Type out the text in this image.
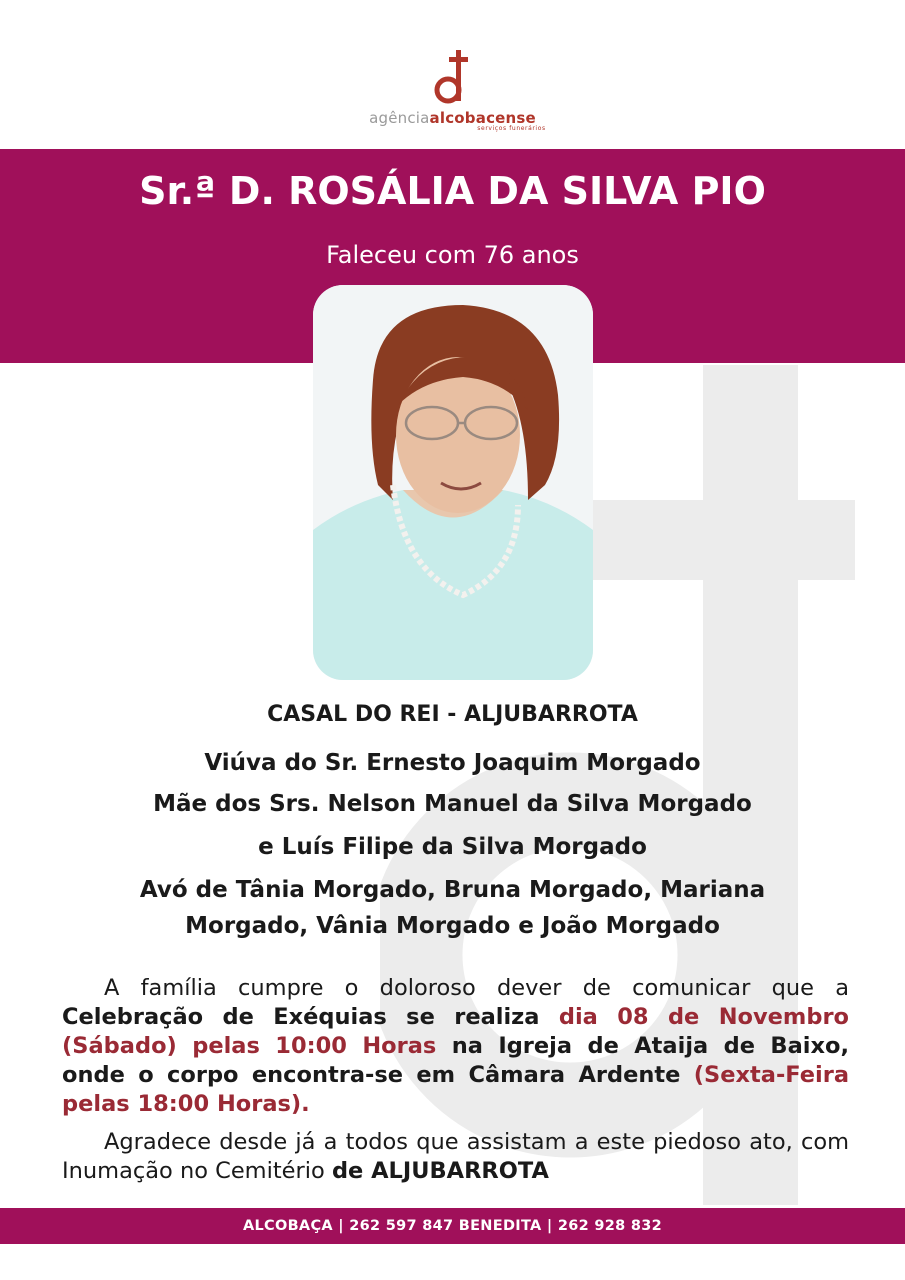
agênciaalcobacense
serviços funerários
Sr.ª D. ROSÁLIA DA SILVA PIO
Faleceu com 76 anos
CASAL DO REI - ALJUBARROTA
Viúva do Sr. Ernesto Joaquim Morgado
Mãe dos Srs. Nelson Manuel da Silva Morgado
e Luís Filipe da Silva Morgado
Avó de Tânia Morgado, Bruna Morgado, Mariana
Morgado, Vânia Morgado e João Morgado

A família cumpre o doloroso dever de comunicar que a Celebração de Exéquias se realiza dia 08 de Novembro (Sábado) pelas 10:00 Horas na Igreja de Ataija de Baixo, onde o corpo encontra-se em Câmara Ardente (Sexta-Feira pelas 18:00 Horas).

Agradece desde já a todos que assistam a este piedoso ato, com Inumação no Cemitério de ALJUBARROTA

ALCOBAÇA | 262 597 847 BENEDITA | 262 928 832
